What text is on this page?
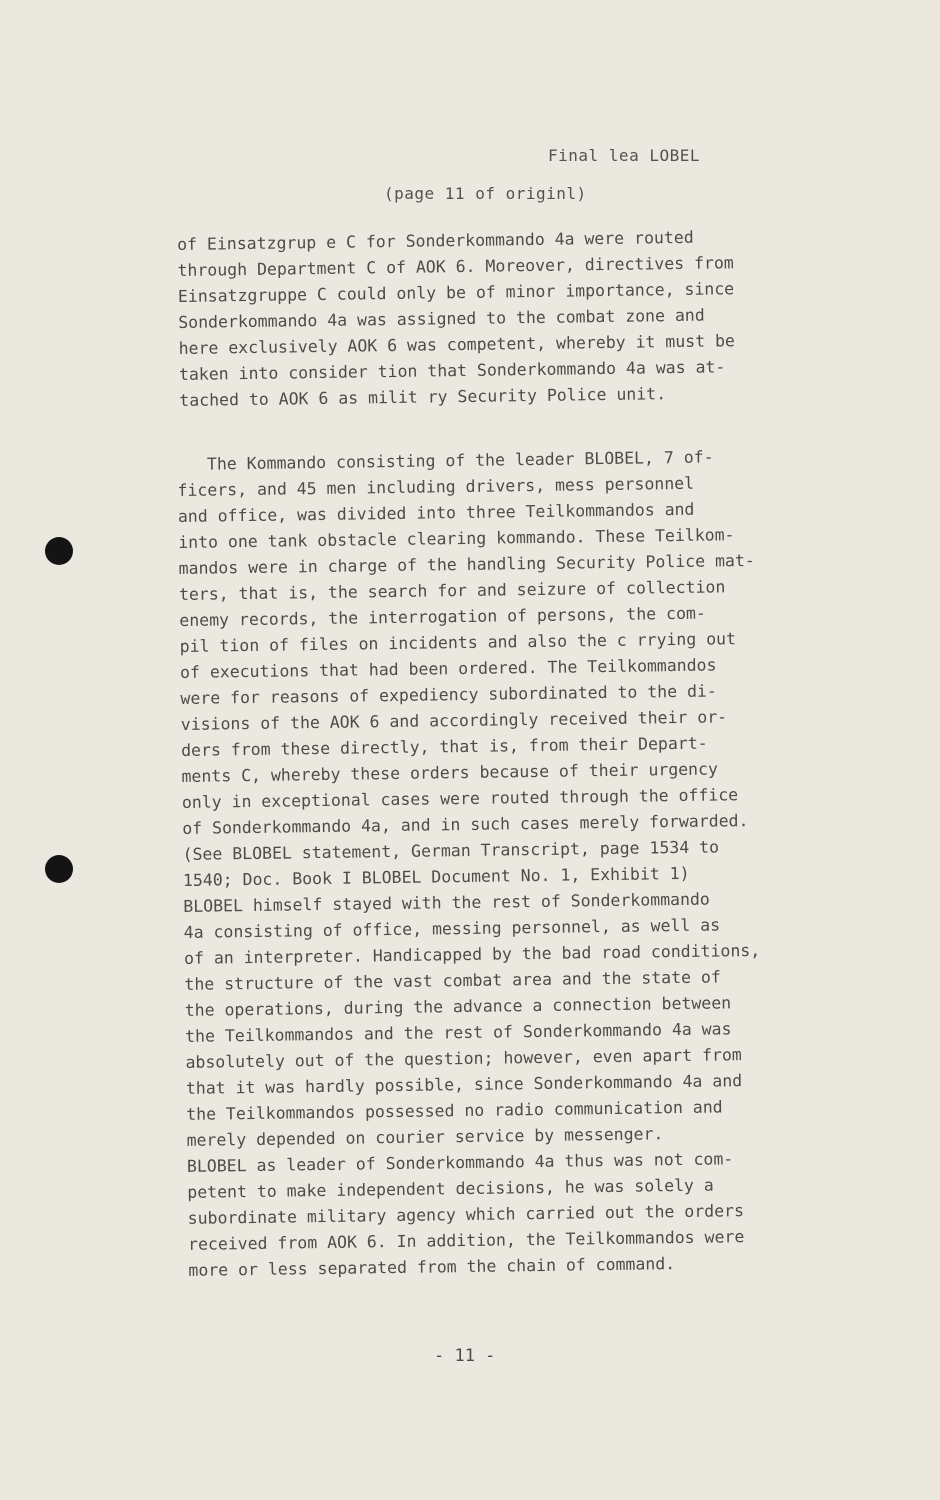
Final lea LOBEL
(page 11 of originl)
of Einsatzgrup e C for Sonderkommando 4a were routed
through Department C of AOK 6. Moreover, directives from
Einsatzgruppe C could only be of minor importance, since
Sonderkommando 4a was assigned to the combat zone and
here exclusively AOK 6 was competent, whereby it must be
taken into consider tion that Sonderkommando 4a was at-
tached to AOK 6 as milit ry Security Police unit.
The Kommando consisting of the leader BLOBEL, 7 of-
ficers, and 45 men including drivers, mess personnel
and office, was divided into three Teilkommandos and
into one tank obstacle clearing kommando. These Teilkom-
mandos were in charge of the handling Security Police mat-
ters, that is, the search for and seizure of collection
enemy records, the interrogation of persons, the com-
pil tion of files on incidents and also the c rrying out
of executions that had been ordered. The Teilkommandos
were for reasons of expediency subordinated to the di-
visions of the AOK 6 and accordingly received their or-
ders from these directly, that is, from their Depart-
ments C, whereby these orders because of their urgency
only in exceptional cases were routed through the office
of Sonderkommando 4a, and in such cases merely forwarded.
(See BLOBEL statement, German Transcript, page 1534 to
1540; Doc. Book I BLOBEL Document No. 1, Exhibit 1)
BLOBEL himself stayed with the rest of Sonderkommando
4a consisting of office, messing personnel, as well as
of an interpreter. Handicapped by the bad road conditions,
the structure of the vast combat area and the state of
the operations, during the advance a connection between
the Teilkommandos and the rest of Sonderkommando 4a was
absolutely out of the question; however, even apart from
that it was hardly possible, since Sonderkommando 4a and
the Teilkommandos possessed no radio communication and
merely depended on courier service by messenger.
BLOBEL as leader of Sonderkommando 4a thus was not com-
petent to make independent decisions, he was solely a
subordinate military agency which carried out the orders
received from AOK 6. In addition, the Teilkommandos were
more or less separated from the chain of command.
- 11 -
